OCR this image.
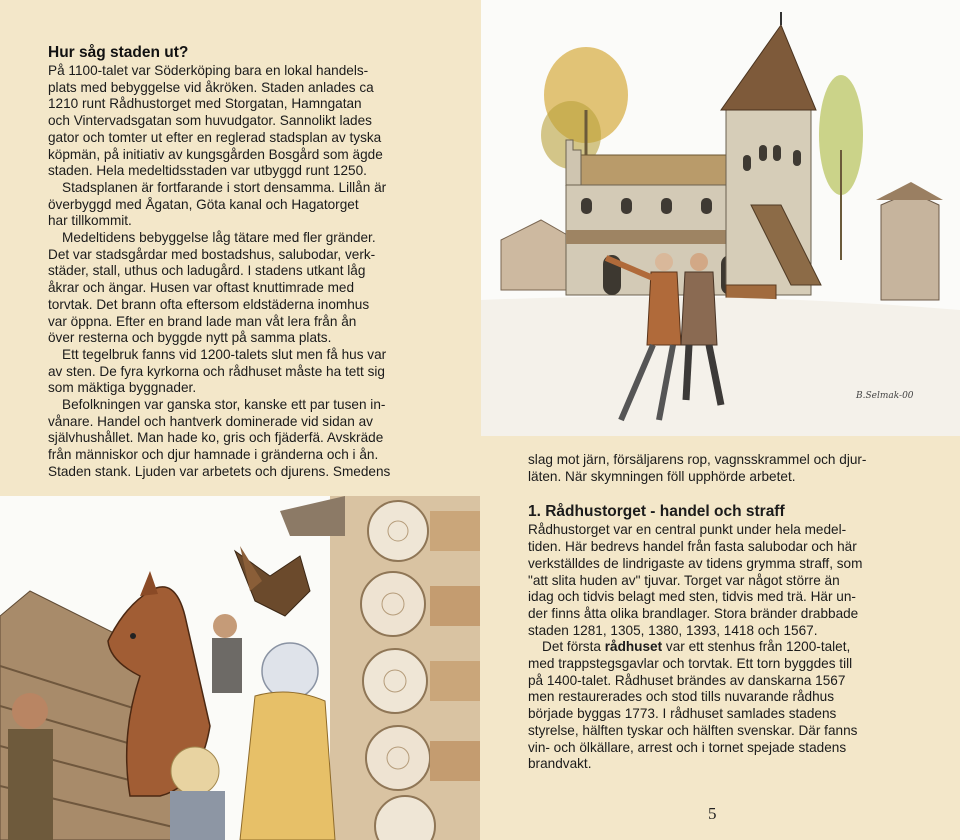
Hur såg staden ut?

På 1100-talet var Söderköping bara en lokal handels-

plats med bebyggelse vid åkröken. Staden anlades ca

1210 runt Rådhustorget med Storgatan, Hamngatan

och Vintervadsgatan som huvudgator. Sannolikt lades

gator och tomter ut efter en reglerad stadsplan av tyska

köpmän, på initiativ av kungsgården Bosgård som ägde

staden. Hela medeltidsstaden var utbyggd runt 1250.

Stadsplanen är fortfarande i stort densamma. Lillån är

överbyggd med Ågatan, Göta kanal och Hagatorget

har tillkommit.

Medeltidens bebyggelse låg tätare med fler gränder.

Det var stadsgårdar med bostadshus, salubodar, verk-

städer, stall, uthus och ladugård. I stadens utkant låg

åkrar och ängar. Husen var oftast knuttimrade med

torvtak. Det brann ofta eftersom eldstäderna inomhus

var öppna. Efter en brand lade man våt lera från ån

över resterna och byggde nytt på samma plats.

Ett tegelbruk fanns vid 1200-talets slut men få hus var

av sten. De fyra kyrkorna och rådhuset måste ha tett sig

som mäktiga byggnader.

Befolkningen var ganska stor, kanske ett par tusen in-

vånare. Handel och hantverk dominerade vid sidan av

självhushållet. Man hade ko, gris och fjäderfä. Avskräde

från människor och djur hamnade i gränderna och i ån.

Staden stank. Ljuden var arbetets och djurens. Smedens

B.Selmak-00

slag mot järn, försäljarens rop, vagnsskrammel och djur-

läten. När skymningen föll upphörde arbetet.

1. Rådhustorget - handel och straff

Rådhustorget var en central punkt under hela medel-

tiden. Här bedrevs handel från fasta salubodar och här

verkställdes de lindrigaste av tidens grymma straff, som

"att slita huden av" tjuvar. Torget var något större än

idag och tidvis belagt med sten, tidvis med trä. Här un-

der finns åtta olika brandlager. Stora bränder drabbade

staden 1281, 1305, 1380, 1393, 1418 och 1567.

Det första rådhuset var ett stenhus från 1200-talet,

med trappstegsgavlar och torvtak. Ett torn byggdes till

på 1400-talet. Rådhuset brändes av danskarna 1567

men restaurerades och stod tills nuvarande rådhus

började byggas 1773. I rådhuset samlades stadens

styrelse, hälften tyskar och hälften svenskar. Där fanns

vin- och ölkällare, arrest och i tornet spejade stadens

brandvakt.

5
